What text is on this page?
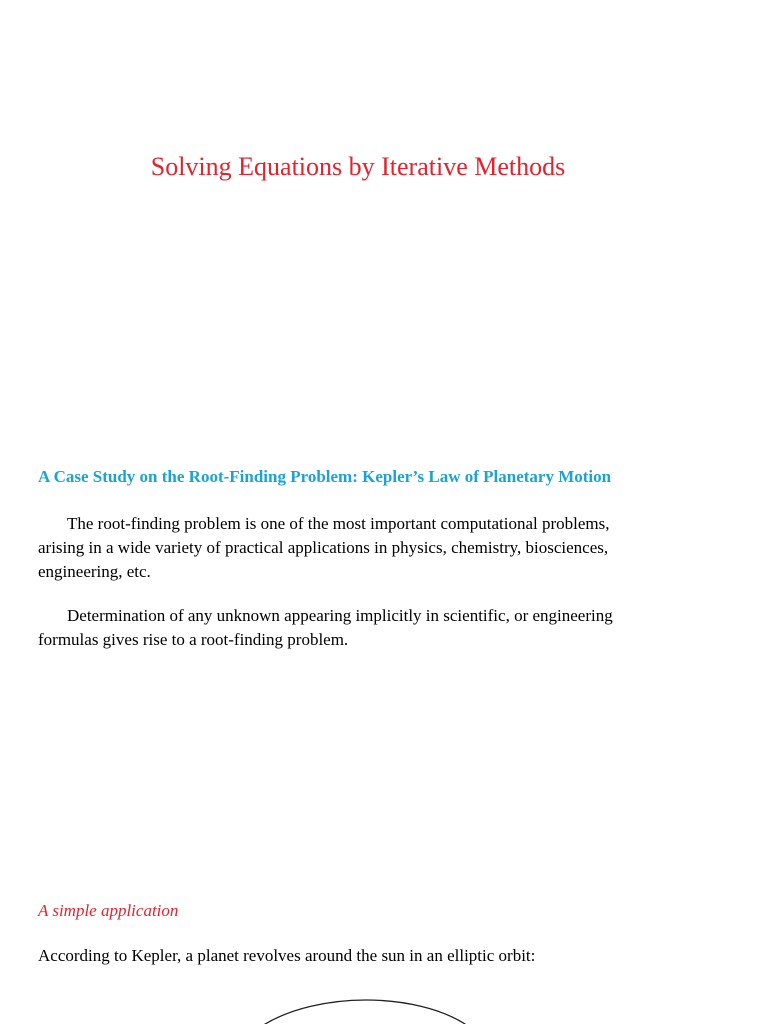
Solving Equations by Iterative Methods
A Case Study on the Root-Finding Problem: Kepler’s Law of Planetary Motion

The root-finding problem is one of the most important computational problems,
arising in a wide variety of practical applications in physics, chemistry, biosciences,
engineering, etc.

Determination of any unknown appearing implicitly in scientific, or engineering
formulas gives rise to a root-finding problem.

A simple application

According to Kepler, a planet revolves around the sun in an elliptic orbit:
